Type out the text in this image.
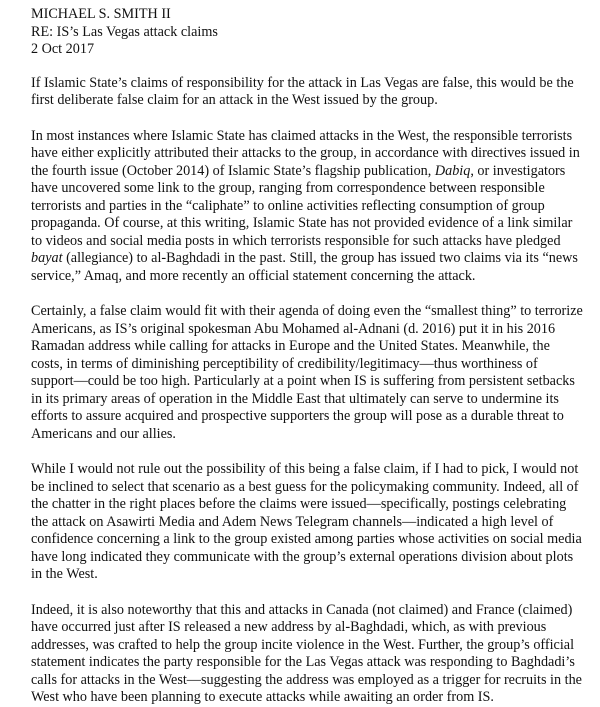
MICHAEL S. SMITH II

RE: IS’s Las Vegas attack claims

2 Oct 2017

If Islamic State’s claims of responsibility for the attack in Las Vegas are false, this would be the
first deliberate false claim for an attack in the West issued by the group.

In most instances where Islamic State has claimed attacks in the West, the responsible terrorists
have either explicitly attributed their attacks to the group, in accordance with directives issued in
the fourth issue (October 2014) of Islamic State’s flagship publication, Dabiq, or investigators
have uncovered some link to the group, ranging from correspondence between responsible
terrorists and parties in the “caliphate” to online activities reflecting consumption of group
propaganda. Of course, at this writing, Islamic State has not provided evidence of a link similar
to videos and social media posts in which terrorists responsible for such attacks have pledged
bayat (allegiance) to al-Baghdadi in the past. Still, the group has issued two claims via its “news
service,” Amaq, and more recently an official statement concerning the attack.

Certainly, a false claim would fit with their agenda of doing even the “smallest thing” to terrorize
Americans, as IS’s original spokesman Abu Mohamed al-Adnani (d. 2016) put it in his 2016
Ramadan address while calling for attacks in Europe and the United States. Meanwhile, the
costs, in terms of diminishing perceptibility of credibility/legitimacy—thus worthiness of
support—could be too high. Particularly at a point when IS is suffering from persistent setbacks
in its primary areas of operation in the Middle East that ultimately can serve to undermine its
efforts to assure acquired and prospective supporters the group will pose as a durable threat to
Americans and our allies.

While I would not rule out the possibility of this being a false claim, if I had to pick, I would not
be inclined to select that scenario as a best guess for the policymaking community. Indeed, all of
the chatter in the right places before the claims were issued—specifically, postings celebrating
the attack on Asawirti Media and Adem News Telegram channels—indicated a high level of
confidence concerning a link to the group existed among parties whose activities on social media
have long indicated they communicate with the group’s external operations division about plots
in the West.

Indeed, it is also noteworthy that this and attacks in Canada (not claimed) and France (claimed)
have occurred just after IS released a new address by al-Baghdadi, which, as with previous
addresses, was crafted to help the group incite violence in the West. Further, the group’s official
statement indicates the party responsible for the Las Vegas attack was responding to Baghdadi’s
calls for attacks in the West—suggesting the address was employed as a trigger for recruits in the
West who have been planning to execute attacks while awaiting an order from IS.
